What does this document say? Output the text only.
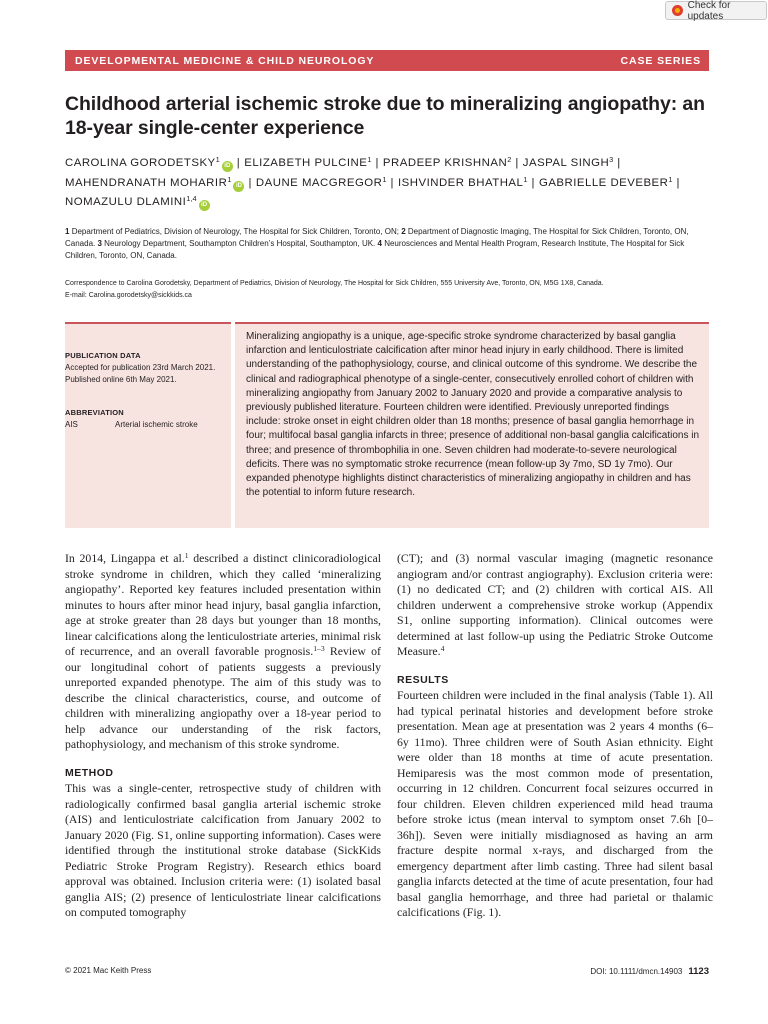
Check for updates
DEVELOPMENTAL MEDICINE & CHILD NEUROLOGY	CASE SERIES
Childhood arterial ischemic stroke due to mineralizing angiopathy: an 18-year single-center experience
CAROLINA GORODETSKY$^1$iD | ELIZABETH PULCINE$^1$ | PRADEEP KRISHNAN$^2$ | JASPAL SINGH$^3$ |
MAHENDRANATH MOHARIR$^1$iD | DAUNE MACGREGOR$^1$ | ISHVINDER BHATHAL$^1$ | GABRIELLE DEVEBER$^1$ |
NOMAZULU DLAMINI$^{1,4}$iD
1 Department of Pediatrics, Division of Neurology, The Hospital for Sick Children, Toronto, ON; 2 Department of Diagnostic Imaging, The Hospital for Sick Children, Toronto, ON, Canada. 3 Neurology Department, Southampton Children’s Hospital, Southampton, UK. 4 Neurosciences and Mental Health Program, Research Institute, The Hospital for Sick Children, Toronto, ON, Canada.
Correspondence to Carolina Gorodetsky, Department of Pediatrics, Division of Neurology, The Hospital for Sick Children, 555 University Ave, Toronto, ON, M5G 1X8, Canada.
E-mail: Carolina.gorodetsky@sickkids.ca
PUBLICATION DATA
Accepted for publication 23rd March 2021.
Published online 6th May 2021.
ABBREVIATION
AIS	Arterial ischemic stroke
Mineralizing angiopathy is a unique, age-specific stroke syndrome characterized by basal ganglia infarction and lenticulostriate calcification after minor head injury in early childhood. There is limited understanding of the pathophysiology, course, and clinical outcome of this syndrome. We describe the clinical and radiographical phenotype of a single-center, consecutively enrolled cohort of children with mineralizing angiopathy from January 2002 to January 2020 and provide a comparative analysis to previously published literature. Fourteen children were identified. Previously unreported findings include: stroke onset in eight children older than 18 months; presence of basal ganglia hemorrhage in four; multifocal basal ganglia infarcts in three; presence of additional non-basal ganglia calcifications in three; and presence of thrombophilia in one. Seven children had moderate-to-severe neurological deficits. There was no symptomatic stroke recurrence (mean follow-up 3y 7mo, SD 1y 7mo). Our expanded phenotype highlights distinct characteristics of mineralizing angiopathy in children and has the potential to inform future research.

In 2014, Lingappa et al.$^1$ described a distinct clinicoradiological stroke syndrome in children, which they called ‘mineralizing angiopathy’. Reported key features included presentation within minutes to hours after minor head injury, basal ganglia infarction, age at stroke greater than 28 days but younger than 18 months, linear calcifications along the lenticulostriate arteries, minimal risk of recurrence, and an overall favorable prognosis.$^{1-3}$ Review of our longitudinal cohort of patients suggests a previously unreported expanded phenotype. The aim of this study was to describe the clinical characteristics, course, and outcome of children with mineralizing angiopathy over a 18-year period to help advance our understanding of the risk factors, pathophysiology, and mechanism of this stroke syndrome.

METHOD

This was a single-center, retrospective study of children with radiologically confirmed basal ganglia arterial ischemic stroke (AIS) and lenticulostriate calcification from January 2002 to January 2020 (Fig. S1, online supporting information). Cases were identified through the institutional stroke database (SickKids Pediatric Stroke Program Registry). Research ethics board approval was obtained. Inclusion criteria were: (1) isolated basal ganglia AIS; (2) presence of lenticulostriate linear calcifications on computed tomography

(CT); and (3) normal vascular imaging (magnetic resonance angiogram and/or contrast angiography). Exclusion criteria were: (1) no dedicated CT; and (2) children with cortical AIS. All children underwent a comprehensive stroke workup (Appendix S1, online supporting information). Clinical outcomes were determined at last follow-up using the Pediatric Stroke Outcome Measure.$^4$

RESULTS

Fourteen children were included in the final analysis (Table 1). All had typical perinatal histories and development before stroke presentation. Mean age at presentation was 2 years 4 months (6–6y 11mo). Three children were of South Asian ethnicity. Eight were older than 18 months at time of acute presentation. Hemiparesis was the most common mode of presentation, occurring in 12 children. Concurrent focal seizures occurred in four children. Eleven children experienced mild head trauma before stroke ictus (mean interval to symptom onset 7.6h [0–36h]). Seven were initially misdiagnosed as having an arm fracture despite normal x-rays, and discharged from the emergency department after limb casting. Three had silent basal ganglia infarcts detected at the time of acute presentation, four had basal ganglia hemorrhage, and three had parietal or thalamic calcifications (Fig. 1).

© 2021 Mac Keith Press	DOI: 10.1111/dmcn.14903 1123
